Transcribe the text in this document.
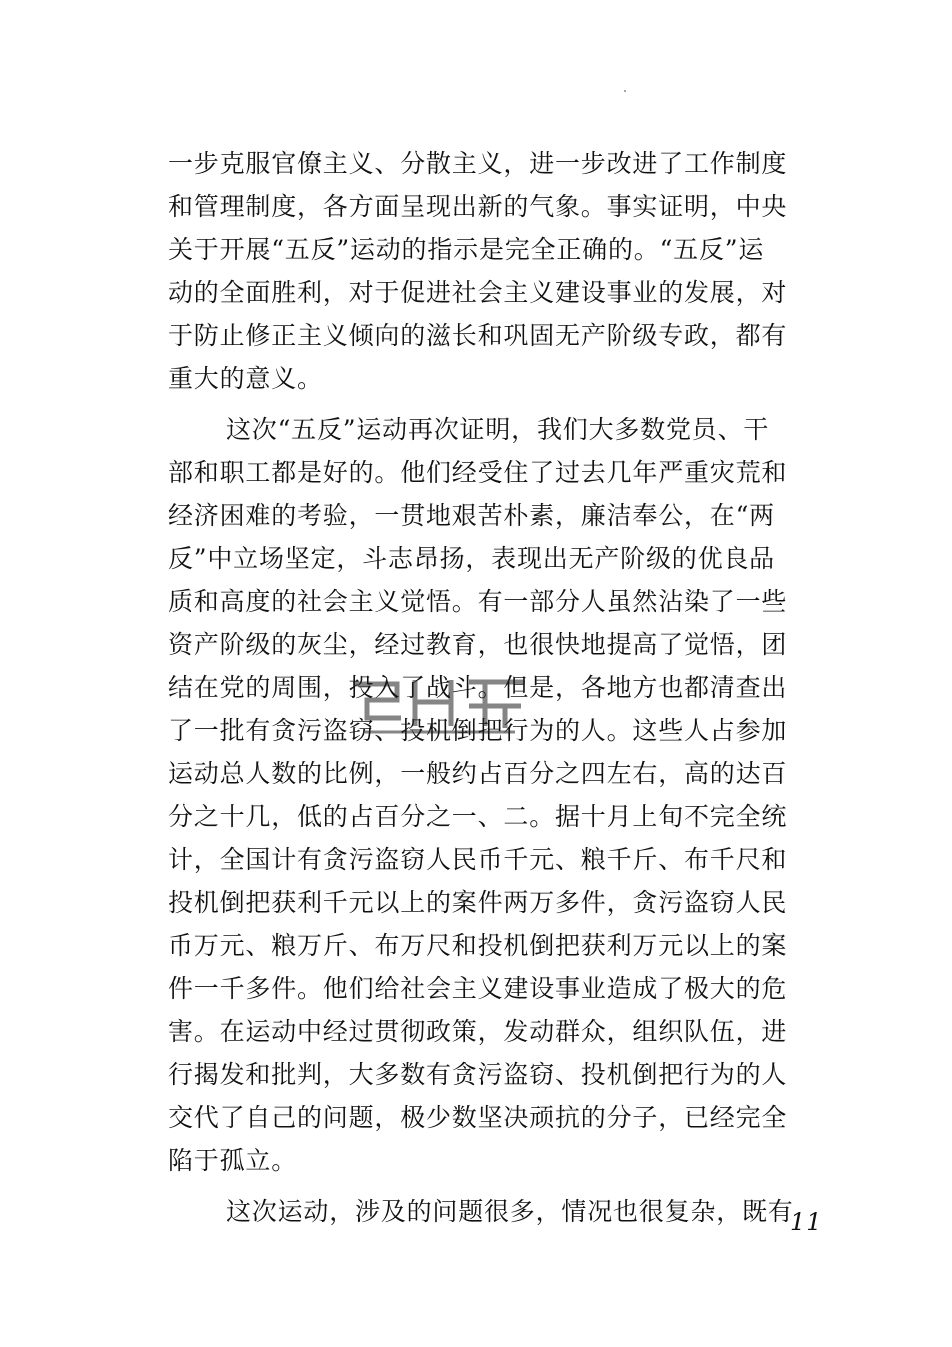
一步克服官僚主义、分散主义，进一步改进了工作制度
和管理制度，各方面呈现出新的气象。事实证明，中央
关于开展“五反”运动的指示是完全正确的。“五反”运
动的全面胜利，对于促进社会主义建设事业的发展，对
于防止修正主义倾向的滋长和巩固无产阶级专政，都有
重大的意义。
这次“五反”运动再次证明，我们大多数党员、干
部和职工都是好的。他们经受住了过去几年严重灾荒和
经济困难的考验，一贯地艰苦朴素，廉洁奉公，在“两
反”中立场坚定，斗志昂扬，表现出无产阶级的优良品
质和高度的社会主义觉悟。有一部分人虽然沾染了一些
资产阶级的灰尘，经过教育，也很快地提高了觉悟，团
结在党的周围，投入了战斗。但是，各地方也都清查出
了一批有贪污盗窃、投机倒把行为的人。这些人占参加
运动总人数的比例，一般约占百分之四左右，高的达百
分之十几，低的占百分之一、二。据十月上旬不完全统
计，全国计有贪污盗窃人民币千元、粮千斤、布千尺和
投机倒把获利千元以上的案件两万多件，贪污盗窃人民
币万元、粮万斤、布万尺和投机倒把获利万元以上的案
件一千多件。他们给社会主义建设事业造成了极大的危
害。在运动中经过贯彻政策，发动群众，组织队伍，进
行揭发和批判，大多数有贪污盗窃、投机倒把行为的人
交代了自己的问题，极少数坚决顽抗的分子，已经完全
陷于孤立。
这次运动，涉及的问题很多，情况也很复杂，既有
11
